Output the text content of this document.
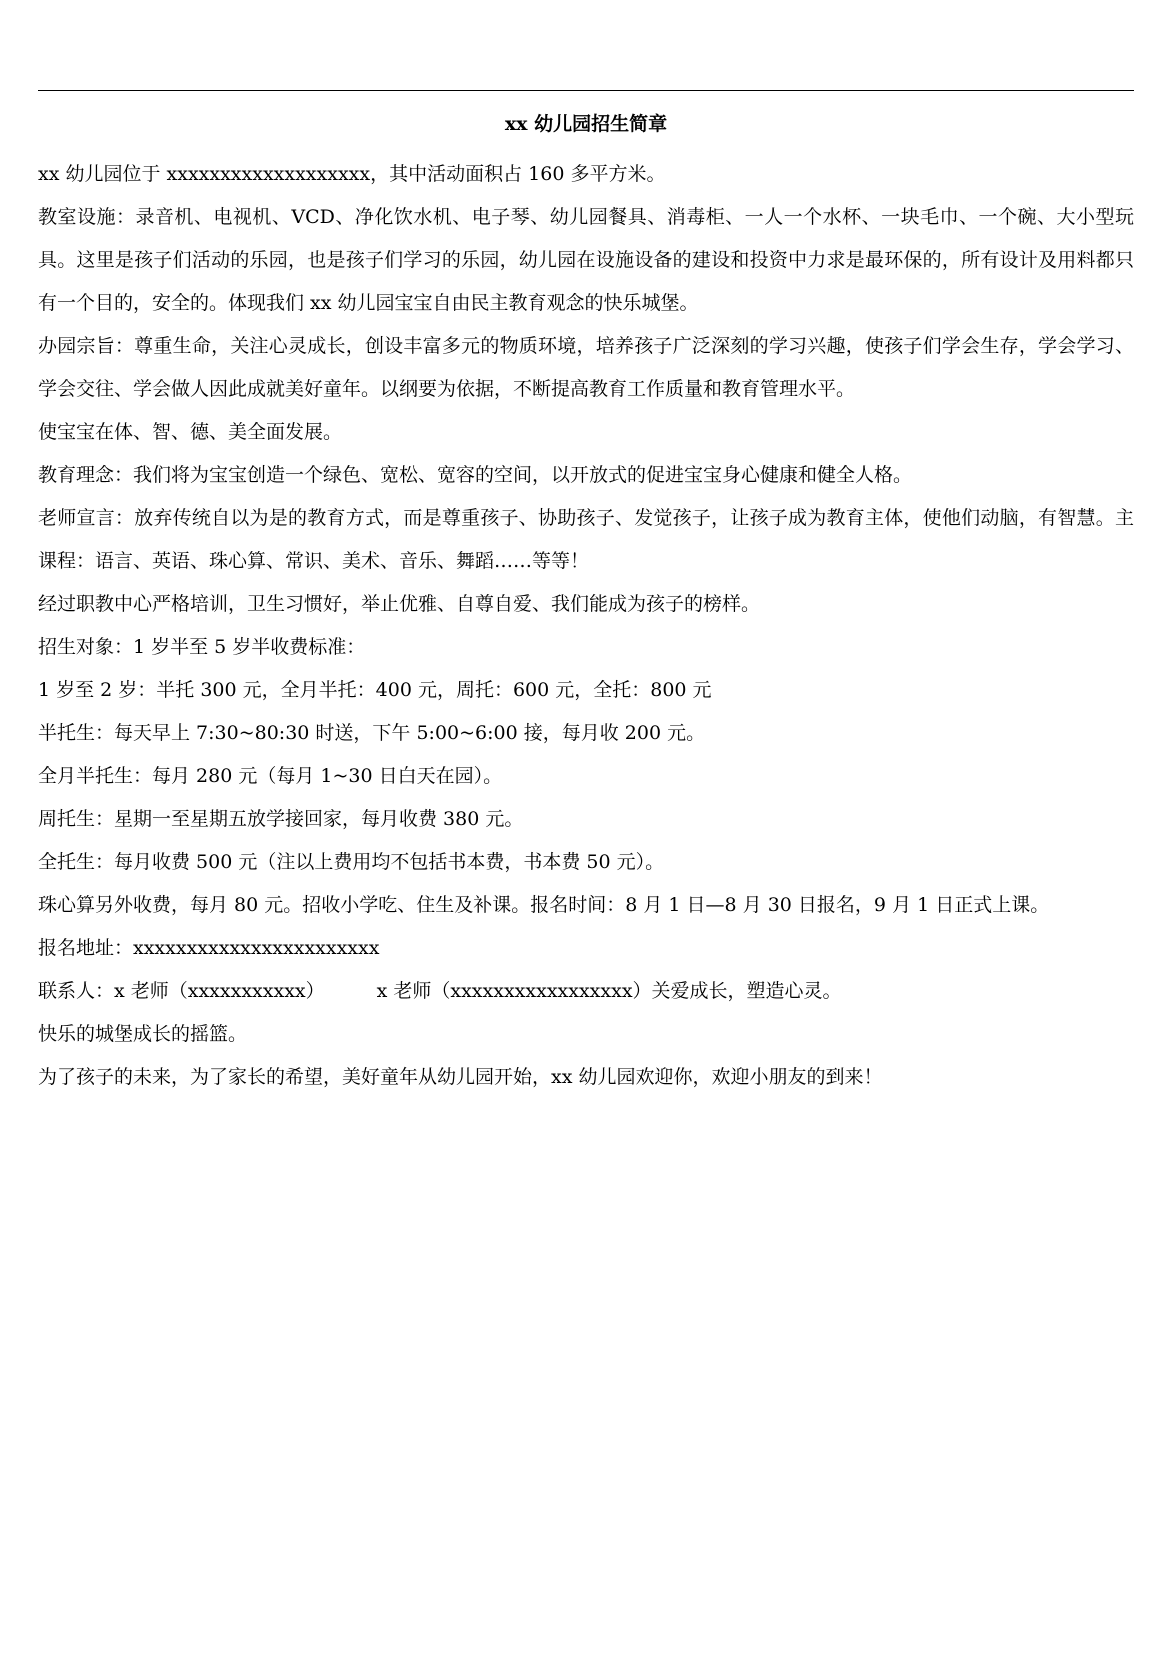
xx 幼儿园招生简章

xx 幼儿园位于 xxxxxxxxxxxxxxxxxxx，其中活动面积占 160 多平方米。

教室设施：录音机、电视机、VCD、净化饮水机、电子琴、幼儿园餐具、消毒柜、一人一个水杯、一块毛巾、一个碗、大小型玩具。这里是孩子们活动的乐园，也是孩子们学习的乐园，幼儿园在设施设备的建设和投资中力求是最环保的，所有设计及用料都只有一个目的，安全的。体现我们 xx 幼儿园宝宝自由民主教育观念的快乐城堡。

办园宗旨：尊重生命，关注心灵成长，创设丰富多元的物质环境，培养孩子广泛深刻的学习兴趣，使孩子们学会生存，学会学习、学会交往、学会做人因此成就美好童年。以纲要为依据，不断提高教育工作质量和教育管理水平。

使宝宝在体、智、德、美全面发展。

教育理念：我们将为宝宝创造一个绿色、宽松、宽容的空间，以开放式的促进宝宝身心健康和健全人格。

老师宣言：放弃传统自以为是的教育方式，而是尊重孩子、协助孩子、发觉孩子，让孩子成为教育主体，使他们动脑，有智慧。主课程：语言、英语、珠心算、常识、美术、音乐、舞蹈……等等！

经过职教中心严格培训，卫生习惯好，举止优雅、自尊自爱、我们能成为孩子的榜样。

招生对象：1 岁半至 5 岁半收费标准：

1 岁至 2 岁：半托 300 元，全月半托：400 元，周托：600 元，全托：800 元

半托生：每天早上 7:30~80:30 时送，下午 5:00~6:00 接，每月收 200 元。

全月半托生：每月 280 元（每月 1~30 日白天在园）。

周托生：星期一至星期五放学接回家，每月收费 380 元。

全托生：每月收费 500 元（注以上费用均不包括书本费，书本费 50 元）。

珠心算另外收费，每月 80 元。招收小学吃、住生及补课。报名时间：8 月 1 日—8 月 30 日报名，9 月 1 日正式上课。

报名地址：xxxxxxxxxxxxxxxxxxxxxxx

联系人：x 老师（xxxxxxxxxxx）	x 老师（xxxxxxxxxxxxxxxxx）关爱成长，塑造心灵。

快乐的城堡成长的摇篮。

为了孩子的未来，为了家长的希望，美好童年从幼儿园开始，xx 幼儿园欢迎你，欢迎小朋友的到来！
